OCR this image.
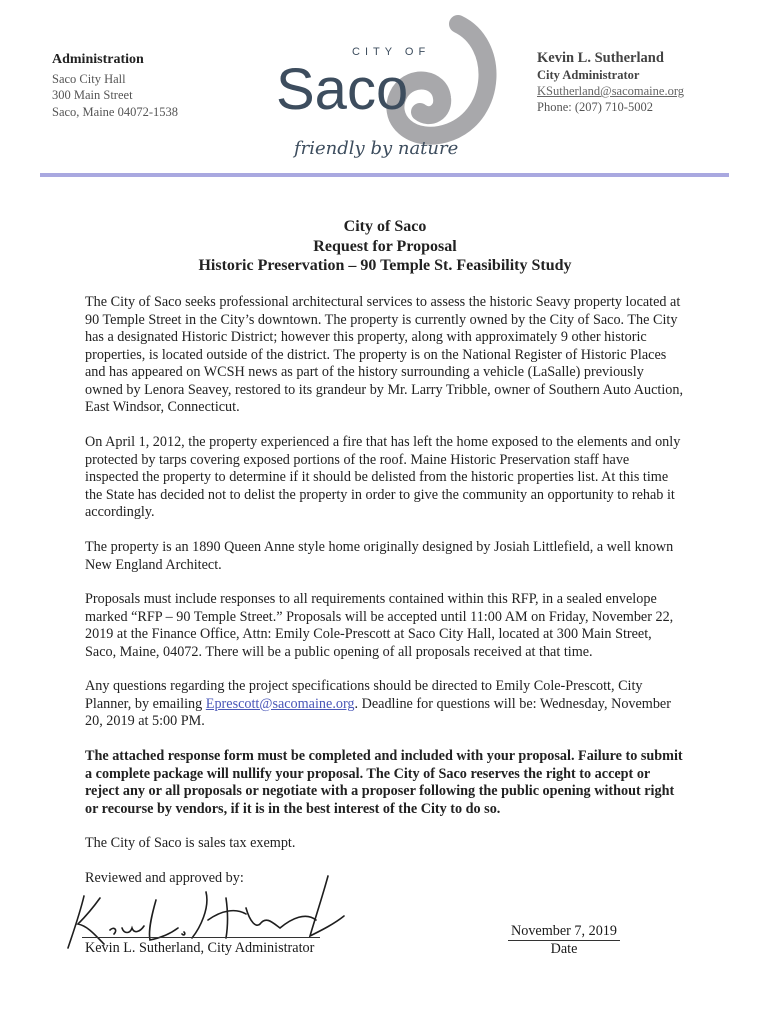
Administration
Saco City Hall
300 Main Street
Saco, Maine 04072-1538
CITY OF
Saco
friendly by nature
Kevin L. Sutherland
City Administrator
KSutherland@sacomaine.org
Phone: (207) 710-5002
City of Saco
Request for Proposal
Historic Preservation – 90 Temple St. Feasibility Study

The City of Saco seeks professional architectural services to assess the historic Seavy property located at 90 Temple Street in the City’s downtown. The property is currently owned by the City of Saco. The City has a designated Historic District; however this property, along with approximately 9 other historic properties, is located outside of the district. The property is on the National Register of Historic Places and has appeared on WCSH news as part of the history surrounding a vehicle (LaSalle) previously owned by Lenora Seavey, restored to its grandeur by Mr. Larry Tribble, owner of Southern Auto Auction, East Windsor, Connecticut.

On April 1, 2012, the property experienced a fire that has left the home exposed to the elements and only protected by tarps covering exposed portions of the roof. Maine Historic Preservation staff have inspected the property to determine if it should be delisted from the historic properties list. At this time the State has decided not to delist the property in order to give the community an opportunity to rehab it accordingly.

The property is an 1890 Queen Anne style home originally designed by Josiah Littlefield, a well known New England Architect.

Proposals must include responses to all requirements contained within this RFP, in a sealed envelope marked “RFP – 90 Temple Street.” Proposals will be accepted until 11:00 AM on Friday, November 22, 2019 at the Finance Office, Attn: Emily Cole-Prescott at Saco City Hall, located at 300 Main Street, Saco, Maine, 04072. There will be a public opening of all proposals received at that time.

Any questions regarding the project specifications should be directed to Emily Cole-Prescott, City Planner, by emailing Eprescott@sacomaine.org. Deadline for questions will be: Wednesday, November 20, 2019 at 5:00 PM.

The attached response form must be completed and included with your proposal. Failure to submit a complete package will nullify your proposal. The City of Saco reserves the right to accept or reject any or all proposals or negotiate with a proposer following the public opening without right or recourse by vendors, if it is in the best interest of the City to do so.

The City of Saco is sales tax exempt.

Reviewed and approved by:

Kevin L. Sutherland, City Administrator
November 7, 2019
Date
